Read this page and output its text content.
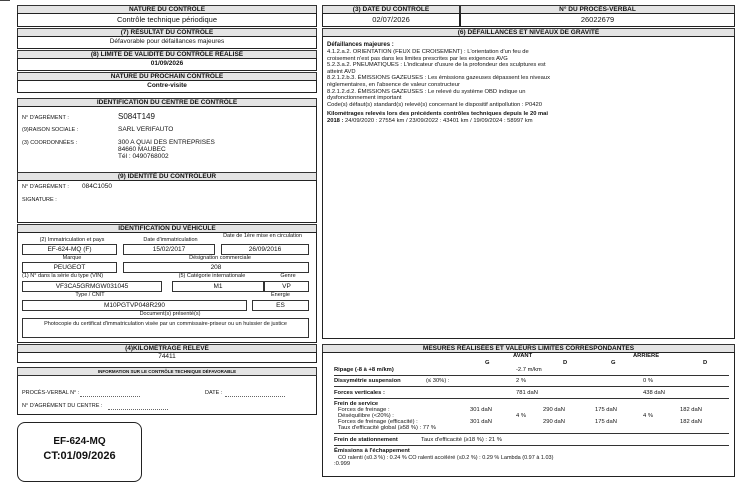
NATURE DU CONTRÔLE
Contrôle technique périodique
(7) RÉSULTAT DU CONTRÔLE
Défavorable pour défaillances majeures
(8) LIMITE DE VALIDITÉ DU CONTRÔLE RÉALISÉ
01/09/2026
NATURE DU PROCHAIN CONTRÔLE
Contre-visite
IDENTIFICATION DU CENTRE DE CONTRÔLE
N° D'AGRÉMENT :	S084T149
(9)RAISON SOCIALE :	SARL VERIFAUTO
(3) COORDONNÉES :	300 A QUAI DES ENTREPRISES
84660 MAUBEC
Tél : 0490768002
(9) IDENTITÉ DU CONTRÔLEUR
N° D'AGRÉMENT : 084C1050
SIGNATURE :
IDENTIFICATION DU VÉHICULE
(2) Immatriculation et pays	Date d'immatriculation
Date de 1ère mise en circulation
EF-624-MQ (F)	15/02/2017	26/09/2016
Marque	Désignation commerciale
PEUGEOT	208
(1) N° dans la série du type (VIN)	(5) Catégorie internationale	Genre
VF3CA5GRMGW031045	M1	VP
Type / CNIT	Énergie
M10PGTVP048R290	ES
Document(s) présenté(s)
Photocopie du certificat d'immatriculation visée par un commissaire-priseur ou un huissier de justice
(4)KILOMÉTRAGE RELEVÉ
74411
INFORMATION SUR LE CONTRÔLE TECHNIQUE DÉFAVORABLE
PROCÈS-VERBAL N° :	DATE :
N° D'AGRÉMENT DU CENTRE :
EF-624-MQ
CT:01/09/2026
(3) DATE DU CONTRÔLE
02/07/2026
N° DU PROCÈS-VERBAL
26022679
(6) DÉFAILLANCES ET NIVEAUX DE GRAVITÉ
Défaillances majeures :
4.1.2.a.2. ORIENTATION (FEUX DE CROISEMENT) : L'orientation d'un feu de
croisement n'est pas dans les limites prescrites par les exigences AVG
5.2.3.a.2. PNEUMATIQUES : L'indicateur d'usure de la profondeur des sculptures est
atteint AVD
8.2.1.2.b.3. ÉMISSIONS GAZEUSES : Les émissions gazeuses dépassent les niveaux
réglementaires, en l'absence de valeur constructeur
8.2.1.2.d.2. ÉMISSIONS GAZEUSES : Le relevé du système OBD indique un
dysfonctionnement important
Code(s) défaut(s) standard(s) relevé(s) concernant le dispositif antipollution : P0420
Kilométrages relevés lors des précédents contrôles techniques depuis le 20 mai
2018 : 24/09/2020 : 27554 km / 23/09/2022 : 43401 km / 19/09/2024 : 58997 km
MESURES RÉALISÉES ET VALEURS LIMITES CORRESPONDANTES
AVANT	ARRIERE
G	D	G	D
Ripage (-8 à +8 m/km)	-2.7 m/km
Dissymétrie suspension	(≤ 30%) :	2 %	0 %
Forces verticales :	781 daN	438 daN
Frein de service
Forces de freinage :	301 daN	290 daN	175 daN	182 daN
Déséquilibre (<20%) :	4 %	4 %
Forces de freinage (efficacité) :	301 daN	290 daN	175 daN	182 daN
Taux d'efficacité global (≥58 %) : 77 %
Frein de stationnement	Taux d'efficacité (≥18 %) : 21 %
Émissions à l'échappement
CO ralenti (≤0.3 %) : 0.24 % CO ralenti accéléré (≤0.2 %) : 0.29 % Lambda (0.97 à 1.03)
:0.999
